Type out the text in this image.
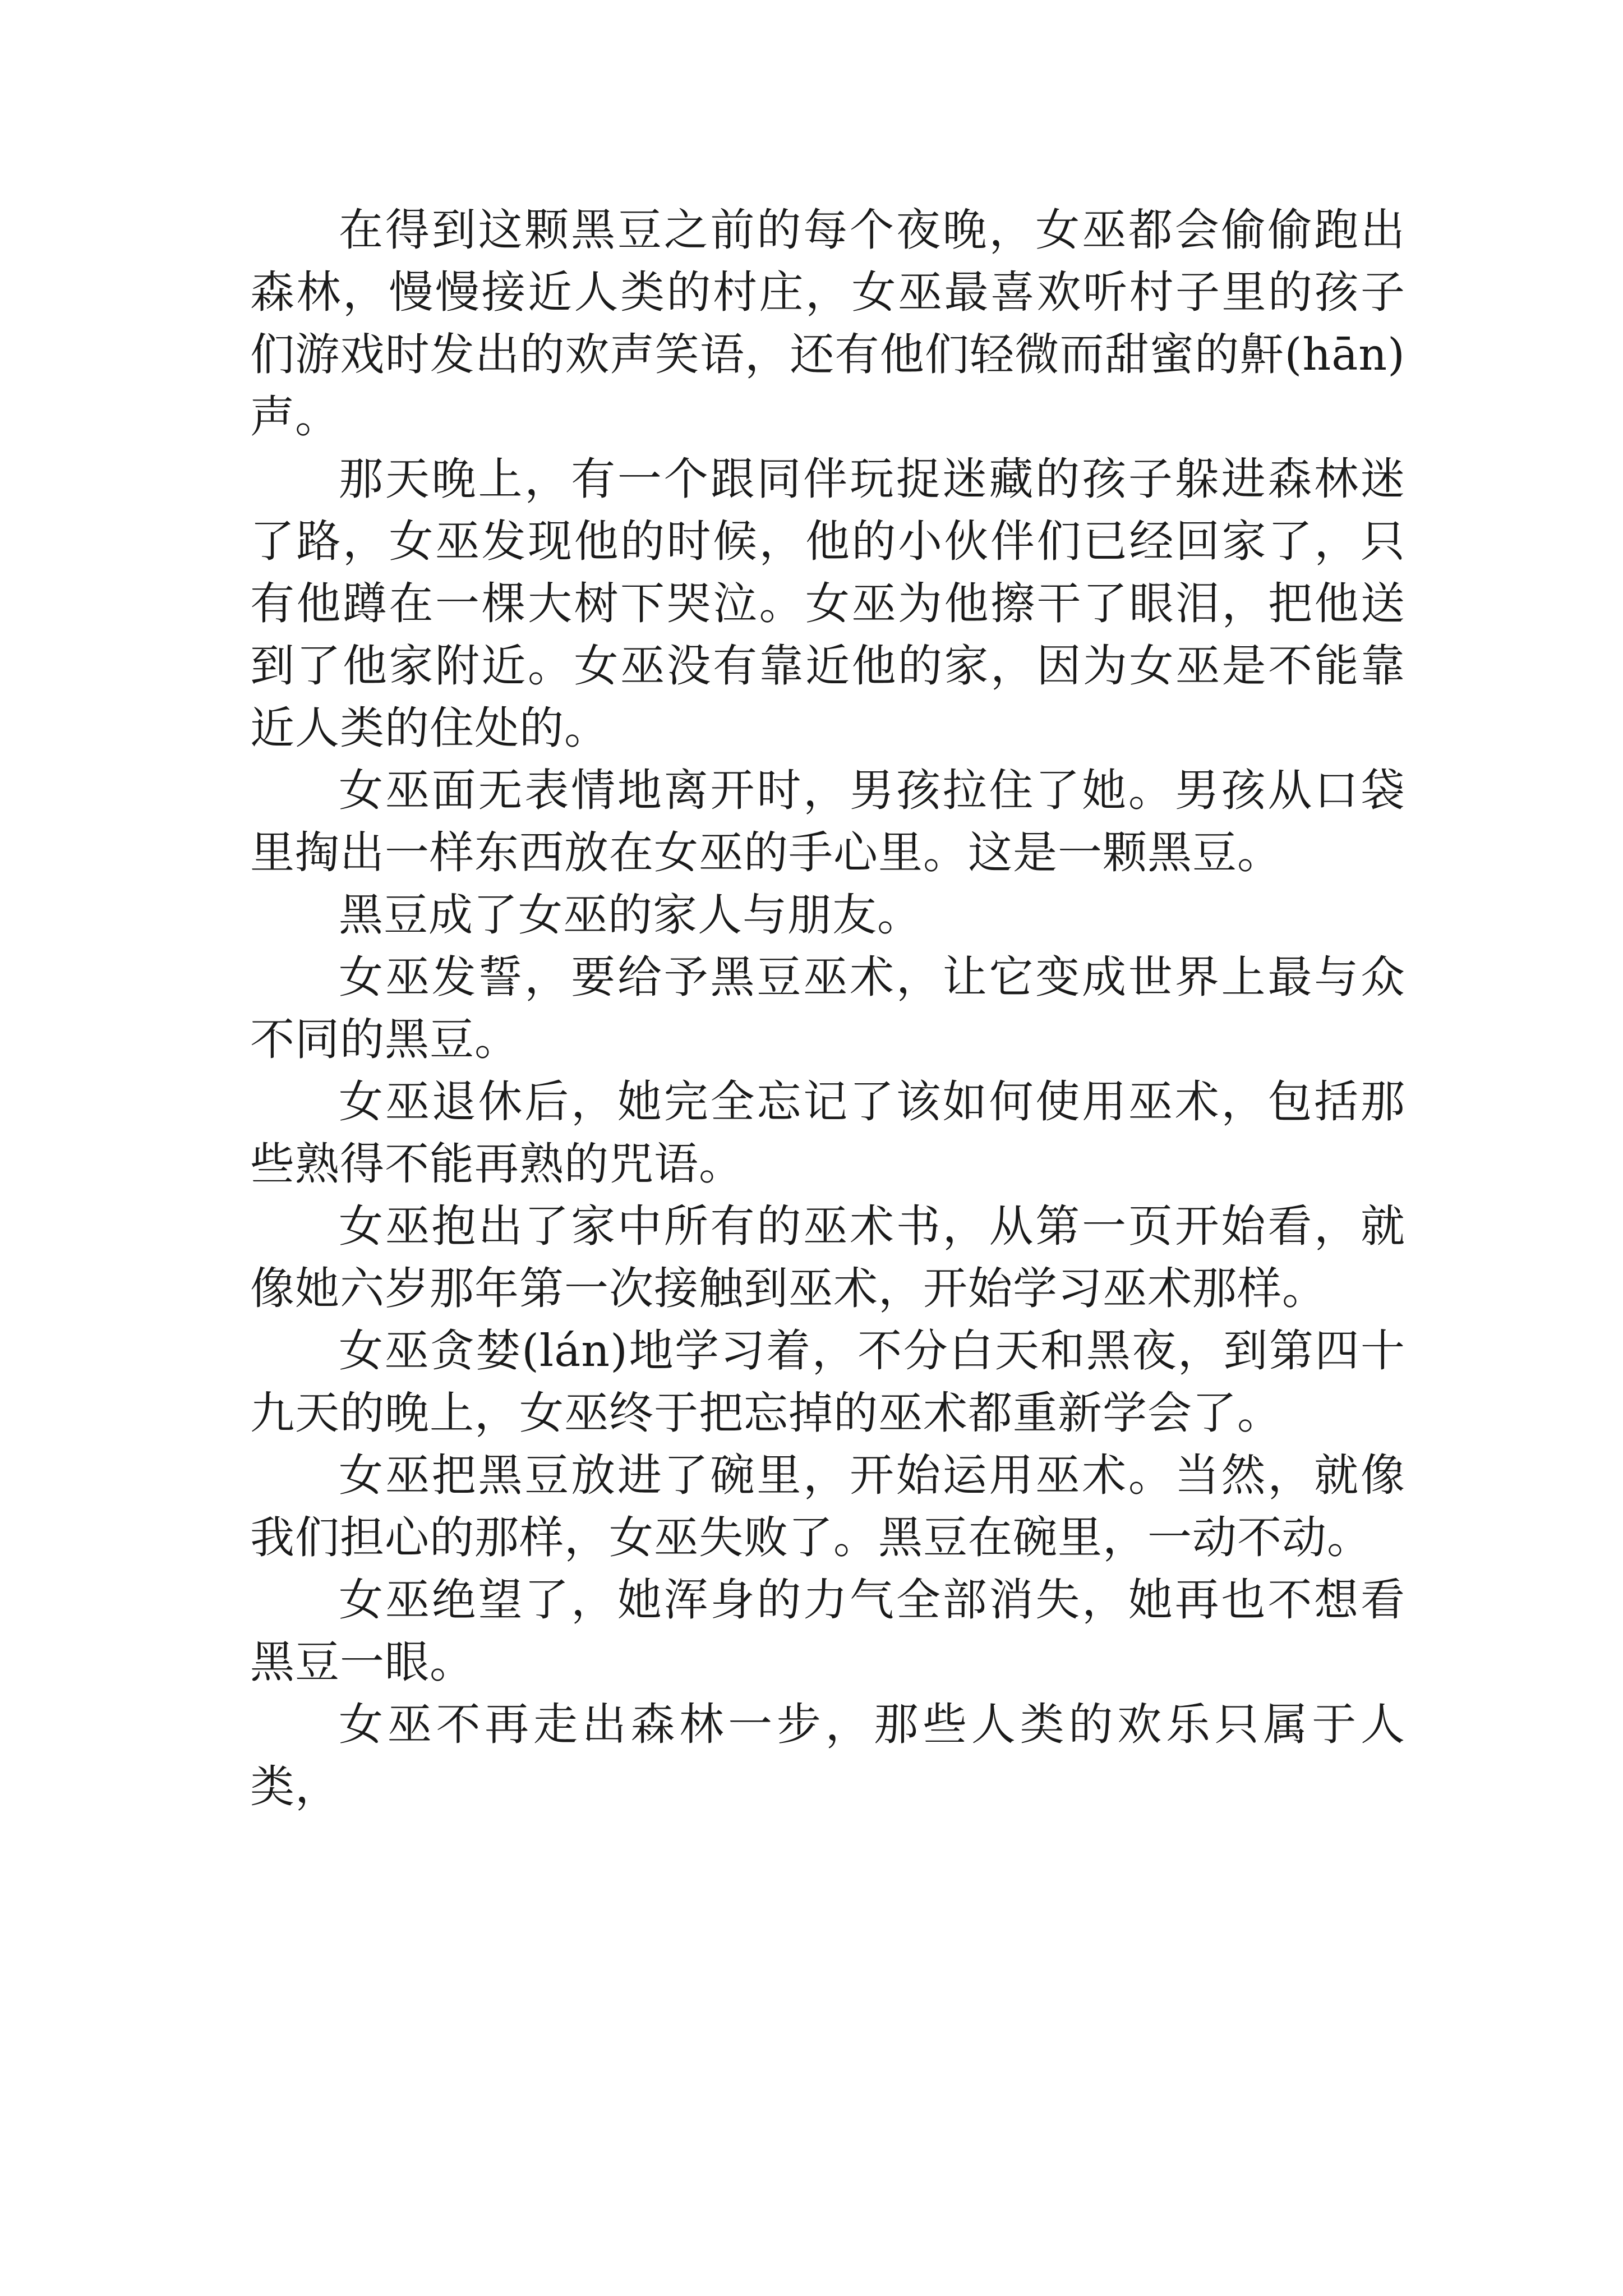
在得到这颗黑豆之前的每个夜晚，女巫都会偷偷跑出森林，慢慢接近人类的村庄，女巫最喜欢听村子里的孩子们游戏时发出的欢声笑语，还有他们轻微而甜蜜的鼾(hān)声。

那天晚上，有一个跟同伴玩捉迷藏的孩子躲进森林迷了路，女巫发现他的时候，他的小伙伴们已经回家了，只有他蹲在一棵大树下哭泣。女巫为他擦干了眼泪，把他送到了他家附近。女巫没有靠近他的家，因为女巫是不能靠近人类的住处的。

女巫面无表情地离开时，男孩拉住了她。男孩从口袋里掏出一样东西放在女巫的手心里。这是一颗黑豆。

黑豆成了女巫的家人与朋友。

女巫发誓，要给予黑豆巫术，让它变成世界上最与众不同的黑豆。

女巫退休后，她完全忘记了该如何使用巫术，包括那些熟得不能再熟的咒语。

女巫抱出了家中所有的巫术书，从第一页开始看，就像她六岁那年第一次接触到巫术，开始学习巫术那样。

女巫贪婪(lán)地学习着，不分白天和黑夜，到第四十九天的晚上，女巫终于把忘掉的巫术都重新学会了。

女巫把黑豆放进了碗里，开始运用巫术。当然，就像我们担心的那样，女巫失败了。黑豆在碗里，一动不动。

女巫绝望了，她浑身的力气全部消失，她再也不想看黑豆一眼。

女巫不再走出森林一步，那些人类的欢乐只属于人类，
